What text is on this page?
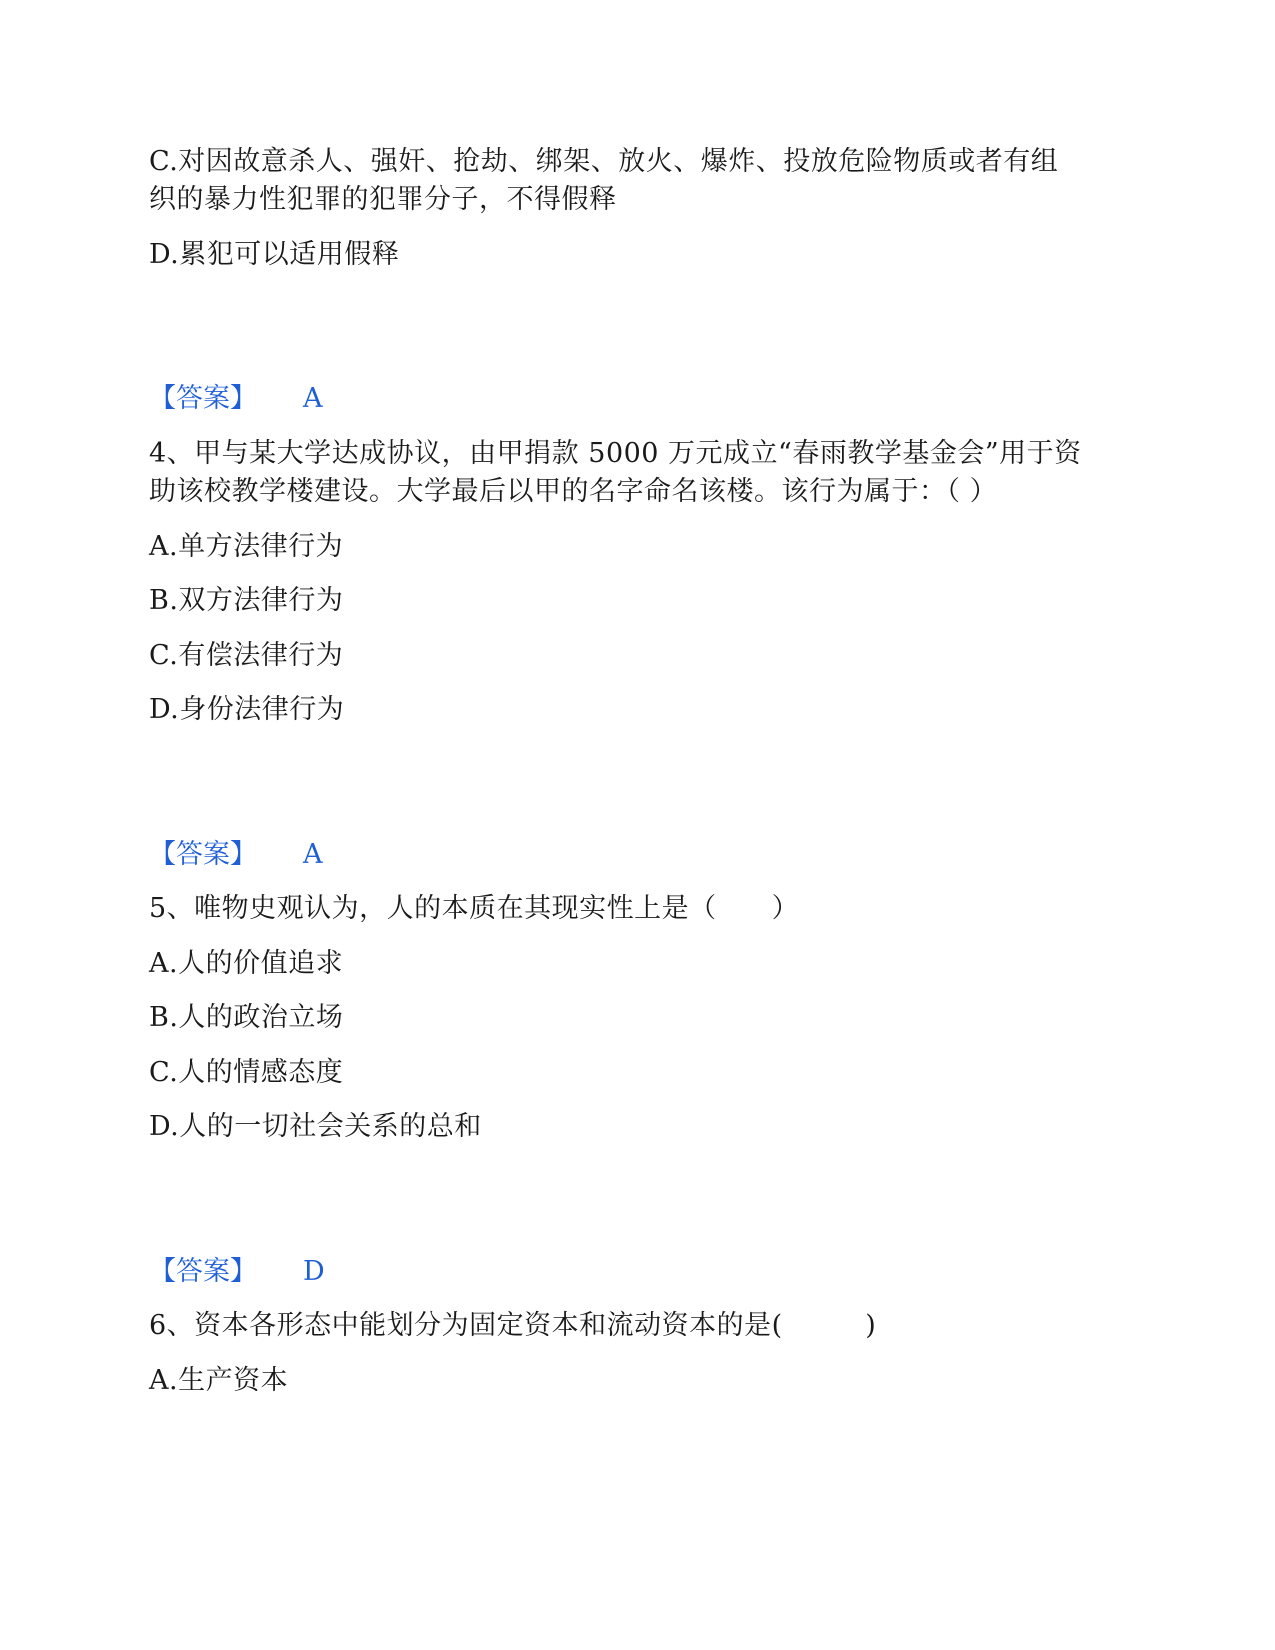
C.对因故意杀人、强奸、抢劫、绑架、放火、爆炸、投放危险物质或者有组
织的暴力性犯罪的犯罪分子，不得假释
D.累犯可以适用假释
【答案】 A
4、甲与某大学达成协议，由甲捐款 5000 万元成立“春雨教学基金会”用于资
助该校教学楼建设。大学最后以甲的名字命名该楼。该行为属于：（ ）
A.单方法律行为
B.双方法律行为
C.有偿法律行为
D.身份法律行为
【答案】 A
5、唯物史观认为，人的本质在其现实性上是（　　）
A.人的价值追求
B.人的政治立场
C.人的情感态度
D.人的一切社会关系的总和
【答案】 D
6、资本各形态中能划分为固定资本和流动资本的是(　　　)
A.生产资本
